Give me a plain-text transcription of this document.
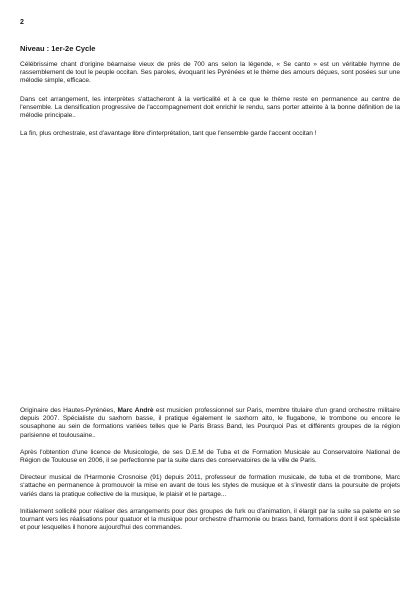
2
Niveau : 1er-2e Cycle

Célébrissime chant d'origine béarnaise vieux de près de 700 ans selon la légende, « Se canto » est un véritable hymne de rassemblement de tout le peuple occitan. Ses paroles, évoquant les Pyrénées et le thème des amours déçues, sont posées sur une mélodie simple, efficace.

Dans cet arrangement, les interprètes s'attacheront à la verticalité et à ce que le thème reste en permanence au centre de l'ensemble. La densification progressive de l'accompagnement doit enrichir le rendu, sans porter atteinte à la bonne définition de la mélodie principale..

La fin, plus orchestrale, est d'avantage libre d'interprétation, tant que l'ensemble garde l'accent occitan !

Originaire des Hautes-Pyrénées, Marc Andrè est musicien professionnel sur Paris, membre titulaire d'un grand orchestre militaire depuis 2007. Spécialiste du saxhorn basse, il pratique également le saxhorn alto, le flugabone, le trombone ou encore le sousaphone au sein de formations variées telles que le Paris Brass Band, les Pourquoi Pas et différents groupes de la région parisienne et toulousaine..

Après l'obtention d'une licence de Musicologie, de ses D.E.M de Tuba et de Formation Musicale au Conservatoire National de Région de Toulouse en 2006, il se perfectionne par la suite dans des conservatoires de la ville de Paris.

Directeur musical de l'Harmonie Crosnoise (91) depuis 2011, professeur de formation musicale, de tuba et de trombone, Marc s'attache en permanence à promouvoir la mise en avant de tous les styles de musique et à s'investir dans la poursuite de projets variés dans la pratique collective de la musique, le plaisir et le partage...

Initialement sollicité pour réaliser des arrangements pour des groupes de furk ou d'animation, il élargit par la suite sa palette en se tournant vers les réalisations pour quatuor et la musique pour orchestre d'harmonie ou brass band, formations dont il est spécialiste et pour lesquelles il honore aujourd'hui des commandes.
